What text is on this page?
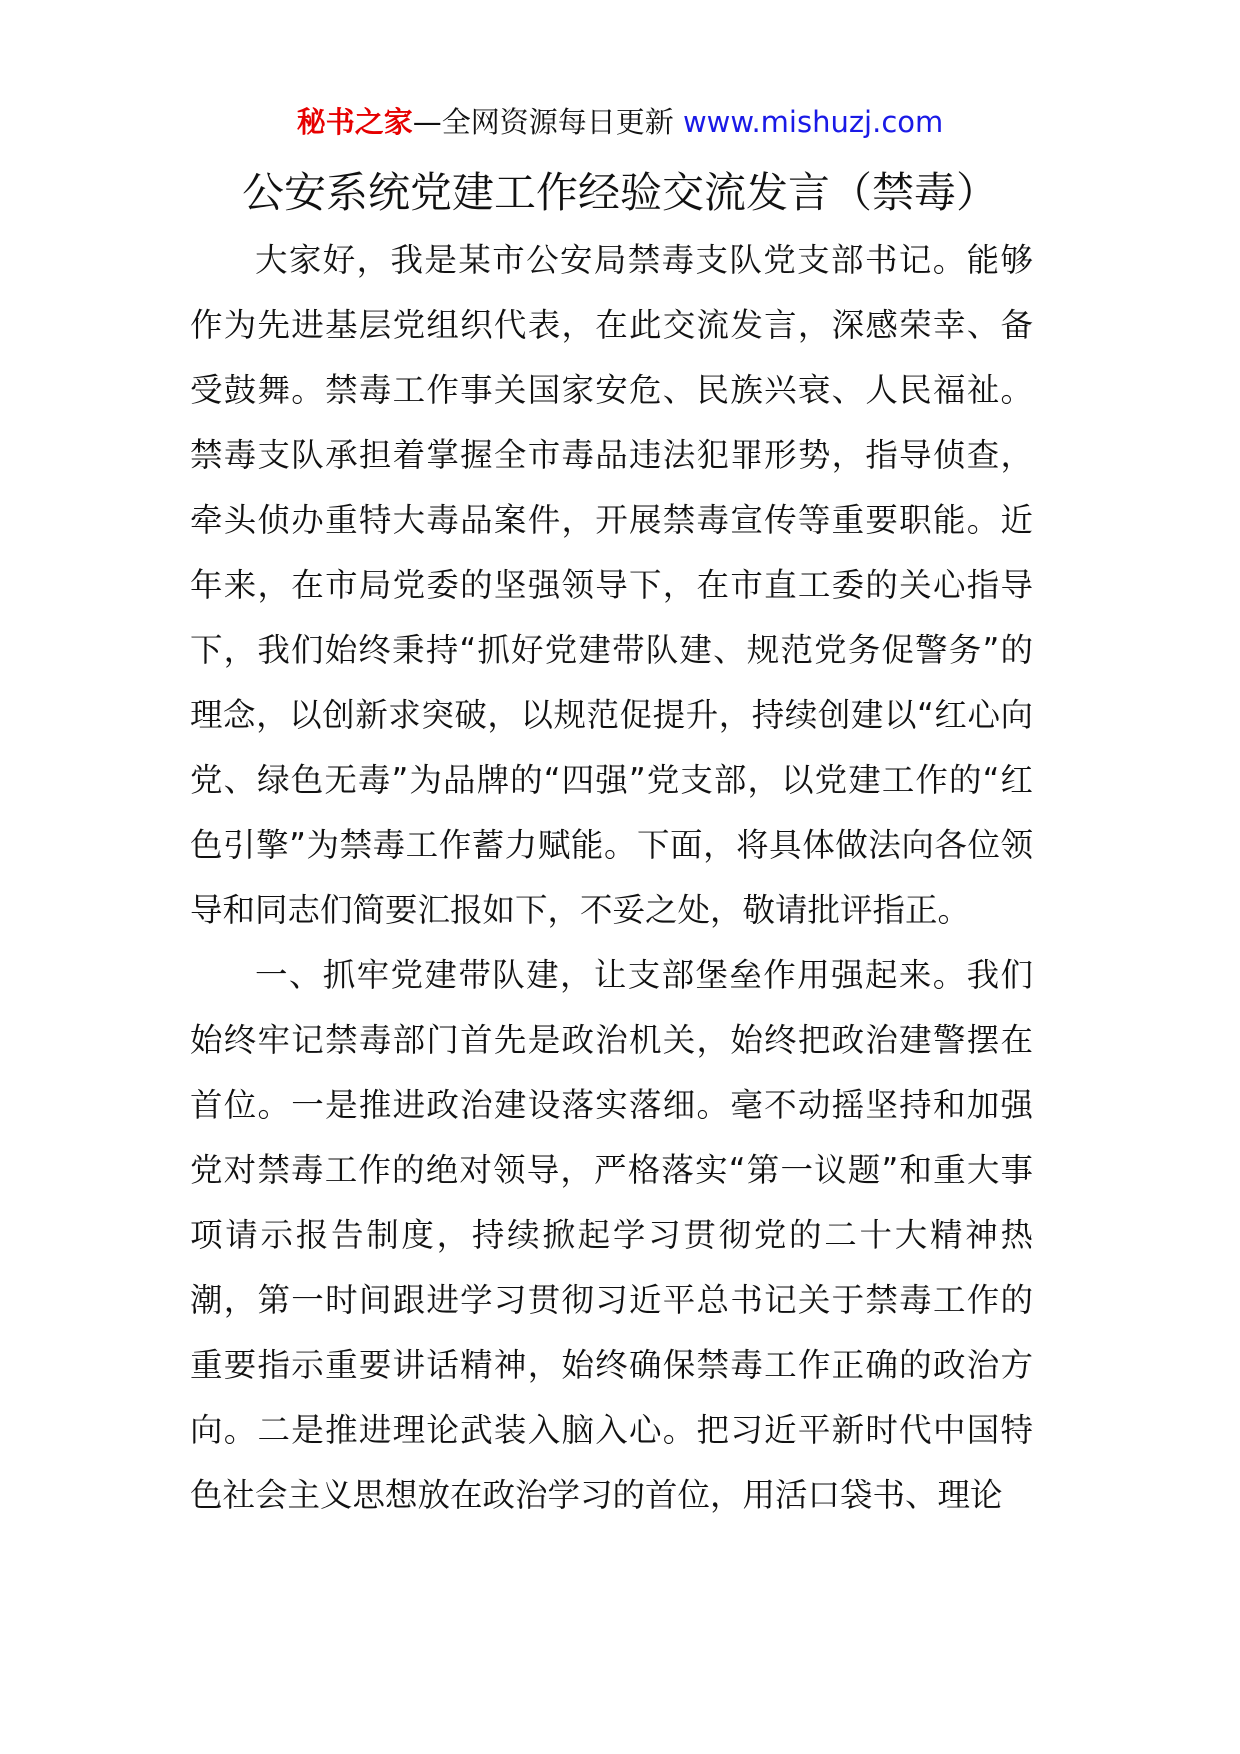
秘书之家—全网资源每日更新 www.mishuzj.com
公安系统党建工作经验交流发言（禁毒）

大家好，我是某市公安局禁毒支队党支部书记。能够作为先进基层党组织代表，在此交流发言，深感荣幸、备受鼓舞。禁毒工作事关国家安危、民族兴衰、人民福祉。禁毒支队承担着掌握全市毒品违法犯罪形势，指导侦查，牵头侦办重特大毒品案件，开展禁毒宣传等重要职能。近年来，在市局党委的坚强领导下，在市直工委的关心指导下，我们始终秉持“抓好党建带队建、规范党务促警务”的理念，以创新求突破，以规范促提升，持续创建以“红心向党、绿色无毒”为品牌的“四强”党支部，以党建工作的“红色引擎”为禁毒工作蓄力赋能。下面，将具体做法向各位领导和同志们简要汇报如下，不妥之处，敬请批评指正。

一、抓牢党建带队建，让支部堡垒作用强起来。我们始终牢记禁毒部门首先是政治机关，始终把政治建警摆在首位。一是推进政治建设落实落细。毫不动摇坚持和加强党对禁毒工作的绝对领导，严格落实“第一议题”和重大事项请示报告制度，持续掀起学习贯彻党的二十大精神热潮，第一时间跟进学习贯彻习近平总书记关于禁毒工作的重要指示重要讲话精神，始终确保禁毒工作正确的政治方向。二是推进理论武装入脑入心。把习近平新时代中国特色社会主义思想放在政治学习的首位，用活口袋书、理论
